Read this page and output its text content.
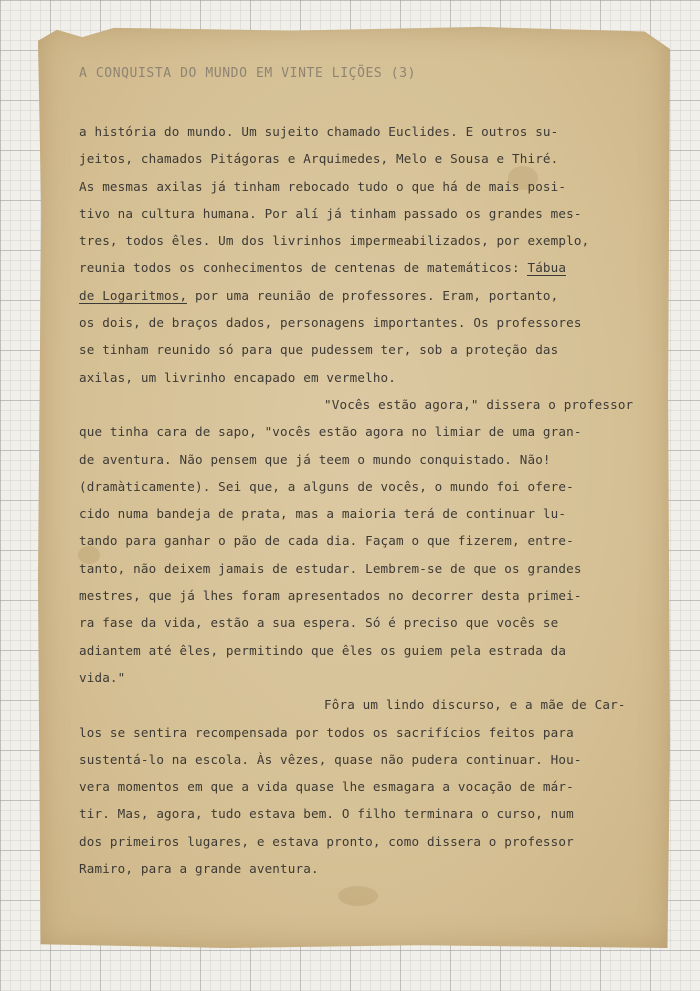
A CONQUISTA DO MUNDO EM VINTE LIÇÕES (3)
a história do mundo. Um sujeito chamado Euclides. E outros su-
jeitos, chamados Pitágoras e Arquimedes, Melo e Sousa e Thiré.
As mesmas axilas já tinham rebocado tudo o que há de mais posi-
tivo na cultura humana. Por alí já tinham passado os grandes mes-
tres, todos êles. Um dos livrinhos impermeabilizados, por exemplo,
reunia todos os conhecimentos de centenas de matemáticos: Tábua
de Logaritmos, por uma reunião de professores. Eram, portanto,
os dois, de braços dados, personagens importantes. Os professores
se tinham reunido só para que pudessem ter, sob a proteção das
axilas, um livrinho encapado em vermelho.
"Vocês estão agora," dissera o professor
que tinha cara de sapo, "vocês estão agora no limiar de uma gran-
de aventura. Não pensem que já teem o mundo conquistado. Não!
(dramàticamente). Sei que, a alguns de vocês, o mundo foi ofere-
cido numa bandeja de prata, mas a maioria terá de continuar lu-
tando para ganhar o pão de cada dia. Façam o que fizerem, entre-
tanto, não deixem jamais de estudar. Lembrem-se de que os grandes
mestres, que já lhes foram apresentados no decorrer desta primei-
ra fase da vida, estão a sua espera. Só é preciso que vocês se
adiantem até êles, permitindo que êles os guiem pela estrada da
vida."
Fôra um lindo discurso, e a mãe de Car-
los se sentira recompensada por todos os sacrifícios feitos para
sustentá-lo na escola. Às vêzes, quase não pudera continuar. Hou-
vera momentos em que a vida quase lhe esmagara a vocação de már-
tir. Mas, agora, tudo estava bem. O filho terminara o curso, num
dos primeiros lugares, e estava pronto, como dissera o professor
Ramiro, para a grande aventura.
